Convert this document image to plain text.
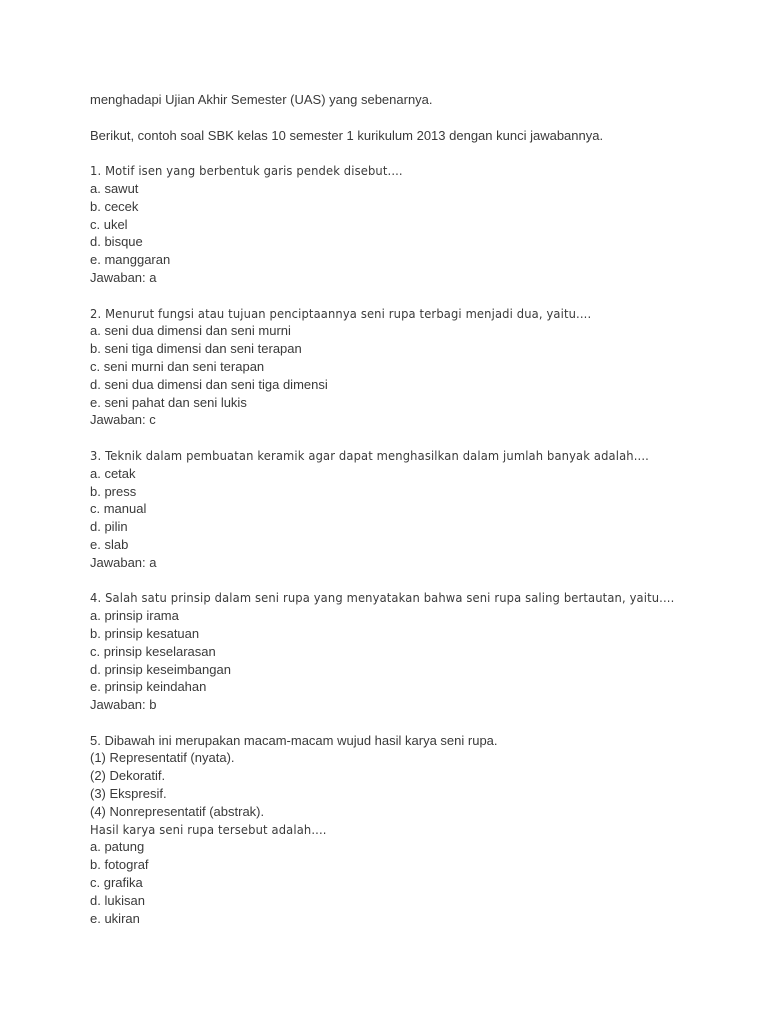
menghadapi Ujian Akhir Semester (UAS) yang sebenarnya.

Berikut, contoh soal SBK kelas 10 semester 1 kurikulum 2013 dengan kunci jawabannya.

1. Motif isen yang berbentuk garis pendek disebut....

a. sawut

b. cecek

c. ukel

d. bisque

e. manggaran

Jawaban: a

2. Menurut fungsi atau tujuan penciptaannya seni rupa terbagi menjadi dua, yaitu....

a. seni dua dimensi dan seni murni

b. seni tiga dimensi dan seni terapan

c. seni murni dan seni terapan

d. seni dua dimensi dan seni tiga dimensi

e. seni pahat dan seni lukis

Jawaban: c

3. Teknik dalam pembuatan keramik agar dapat menghasilkan dalam jumlah banyak adalah....

a. cetak

b. press

c. manual

d. pilin

e. slab

Jawaban: a

4. Salah satu prinsip dalam seni rupa yang menyatakan bahwa seni rupa saling bertautan, yaitu....

a. prinsip irama

b. prinsip kesatuan

c. prinsip keselarasan

d. prinsip keseimbangan

e. prinsip keindahan

Jawaban: b

5. Dibawah ini merupakan macam-macam wujud hasil karya seni rupa.

(1) Representatif (nyata).

(2) Dekoratif.

(3) Ekspresif.

(4) Nonrepresentatif (abstrak).

Hasil karya seni rupa tersebut adalah....

a. patung

b. fotograf

c. grafika

d. lukisan

e. ukiran
